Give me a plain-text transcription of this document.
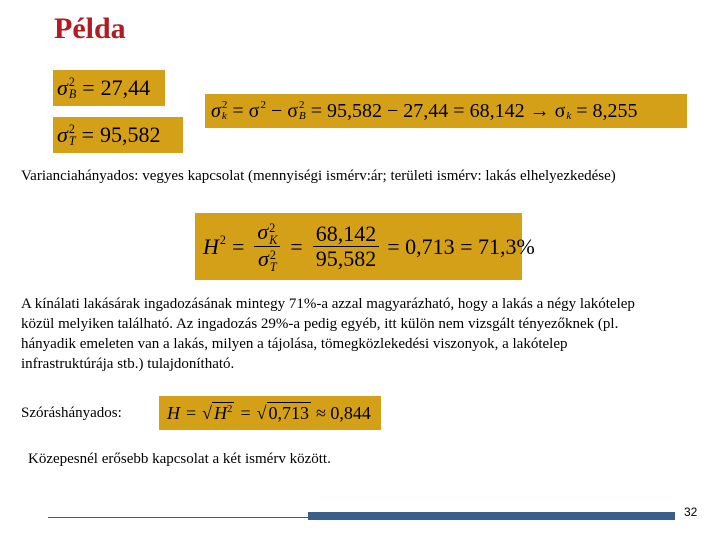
Példa
σ 2
B = 27,44
σ 2
T = 95,582
σ 2
k = σ 2
− σ 2
B = 95,582 − 27,44 = 68,142 → σ
k = 8,255
Varianciahányados: vegyes kapcsolat (mennyiségi ismérv:ár; területi ismérv: lakás elhelyezkedése)
H 2
= σ 2
K
σ 2
$T = \frac{68,142}{95,582} = 0,713 = 71,3\%$
A kínálati lakásárak ingadozásának mintegy 71%-a azzal magyarázható, hogy a lakás a négy lakótelep közül melyiken található. Az ingadozás 29%-a pedig egyéb, itt külön nem vizsgált tényezőknek (pl. hányadik emeleten van a lakás, milyen a tájolása, tömegközlekedési viszonyok, a lakótelep infrastruktúrája stb.) tulajdonítható.
Szóráshányados:	H = √ $H^2$ = √ 0,713 ≈ 0,844
Közepesnél erősebb kapcsolat a két ismérv között.
32
